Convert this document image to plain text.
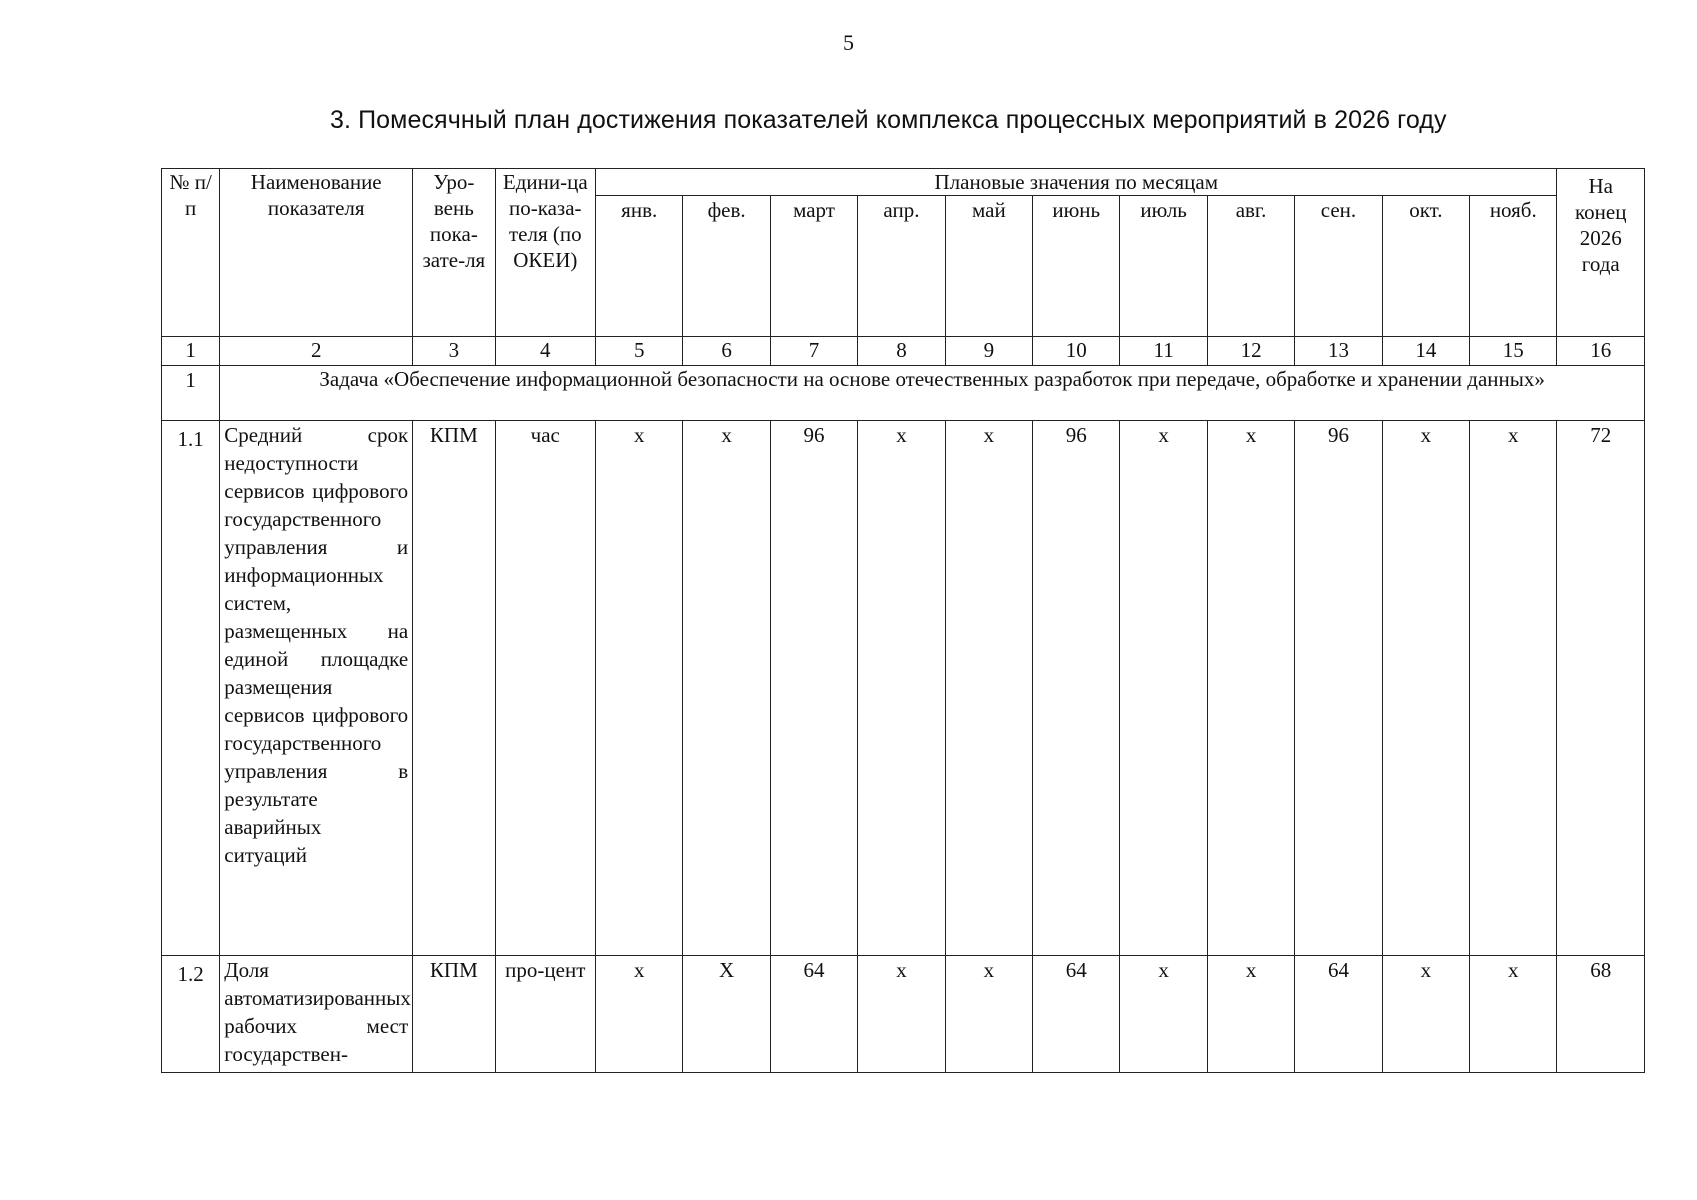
5
3. Помесячный план достижения показателей комплекса процессных мероприятий в 2026 году
№ п/п	Наименование показателя	Уро-вень пока-зате-ля	Едини-ца по-каза-теля (по ОКЕИ)	Плановые значения по месяцам											На конец 2026 года
				янв.	фев.	март	апр.	май	июнь	июль	авг.	сен.	окт.	нояб.	
1	2	3	4	5	6	7	8	9	10	11	12	13	14	15	16
1	Задача «Обеспечение информационной безопасности на основе отечественных разработок при передаче, обработке и хранении данных»														
1.1	Средний срок недоступности сервисов цифрового государственного управления и информационных систем, размещенных на единой площадке размещения сервисов цифрового государственного управления в результате аварийных ситуаций	КПМ	час	х	х	96	х	х	96	х	х	96	х	х	72
1.2	Доля автоматизированных рабочих мест государствен-	КПМ	про-цент	х	Х	64	х	х	64	х	х	64	х	х	68
